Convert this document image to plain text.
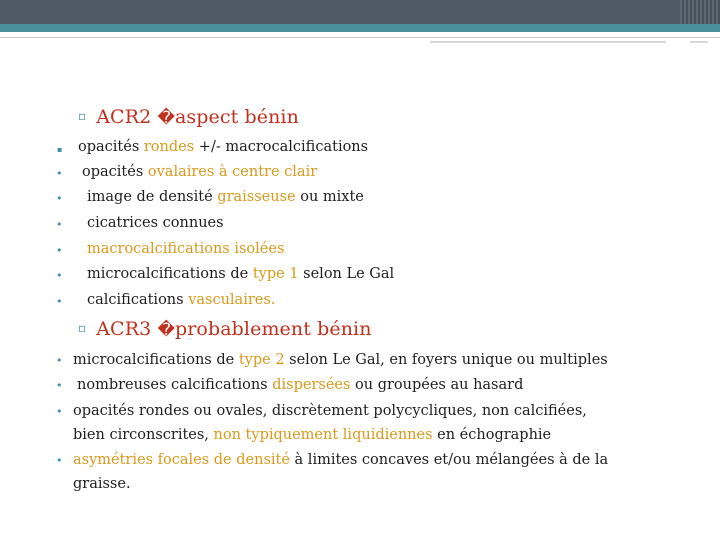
▫ ACR2 �aspect bénin
▪ opacités rondes +/- macrocalcifications
• opacités ovalaires à centre clair
• image de densité graisseuse ou mixte
• cicatrices connues
• macrocalcifications isolées
• microcalcifications de type 1 selon Le Gal
• calcifications vasculaires.
▫ ACR3 �probablement bénin
• microcalcifications de type 2 selon Le Gal, en foyers unique ou multiples
• nombreuses calcifications dispersées ou groupées au hasard
• opacités rondes ou ovales, discrètement polycycliques, non calcifiées,
bien circonscrites, non typiquement liquidiennes en échographie
• asymétries focales de densité à limites concaves et/ou mélangées à de la
graisse.
